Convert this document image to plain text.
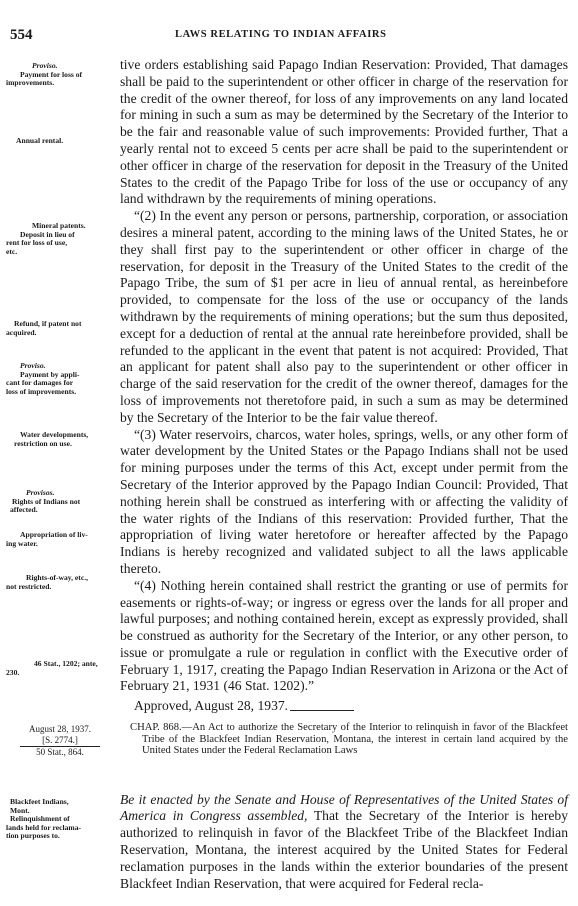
554	LAWS RELATING TO INDIAN AFFAIRS
Proviso.
Payment for loss of
improvements.
Annual rental.
Mineral patents.
Deposit in lieu of
rent for loss of use,
etc.
Refund, if patent not
acquired.
Proviso.
Payment by appli-
cant for damages for
loss of improvements.
Water developments,
restriction on use.
Provisos.
Rights of Indians not
affected.
Appropriation of liv-
ing water.
Rights-of-way, etc.,
not restricted.
46 Stat., 1202; ante,
230.

tive orders establishing said Papago Indian Reservation: Provided, That damages shall be paid to the superintendent or other officer in charge of the reservation for the credit of the owner thereof, for loss of any improvements on any land located for mining in such a sum as may be determined by the Secretary of the Interior to be the fair and reasonable value of such improvements: Provided further, That a yearly rental not to exceed 5 cents per acre shall be paid to the superintendent or other officer in charge of the reservation for deposit in the Treasury of the United States to the credit of the Papago Tribe for loss of the use or occupancy of any land withdrawn by the requirements of mining operations.

“(2) In the event any person or persons, partnership, corporation, or association desires a mineral patent, according to the mining laws of the United States, he or they shall first pay to the superintendent or other officer in charge of the reservation, for deposit in the Treasury of the United States to the credit of the Papago Tribe, the sum of $1 per acre in lieu of annual rental, as hereinbefore provided, to compensate for the loss of the use or occupancy of the lands withdrawn by the requirements of mining operations; but the sum thus deposited, except for a deduction of rental at the annual rate hereinbefore provided, shall be refunded to the applicant in the event that patent is not acquired: Provided, That an applicant for patent shall also pay to the superintendent or other officer in charge of the said reservation for the credit of the owner thereof, damages for the loss of improvements not theretofore paid, in such a sum as may be determined by the Secretary of the Interior to be the fair value thereof.

“(3) Water reservoirs, charcos, water holes, springs, wells, or any other form of water development by the United States or the Papago Indians shall not be used for mining purposes under the terms of this Act, except under permit from the Secretary of the Interior approved by the Papago Indian Council: Provided, That nothing herein shall be construed as interfering with or affecting the validity of the water rights of the Indians of this reservation: Provided further, That the appropriation of living water heretofore or hereafter affected by the Papago Indians is hereby recognized and validated subject to all the laws applicable thereto.

“(4) Nothing herein contained shall restrict the granting or use of permits for easements or rights-of-way; or ingress or egress over the lands for all proper and lawful purposes; and nothing contained herein, except as expressly provided, shall be construed as authority for the Secretary of the Interior, or any other person, to issue or promulgate a rule or regulation in conflict with the Executive order of February 1, 1917, creating the Papago Indian Reservation in Arizona or the Act of February 21, 1931 (46 Stat. 1202).”

Approved, August 28, 1937.

August 28, 1937.
[S. 2774.]
50 Stat., 864.
CHAP. 868.—An Act to authorize the Secretary of the Interior to relinquish in favor of the Blackfeet Tribe of the Blackfeet Indian Reservation, Montana, the interest in certain land acquired by the United States under the Federal Reclamation Laws
Blackfeet Indians,
Mont.
Relinquishment of
lands held for reclama-
tion purposes to.

Be it enacted by the Senate and House of Representatives of the United States of America in Congress assembled, That the Secretary of the Interior is hereby authorized to relinquish in favor of the Blackfeet Tribe of the Blackfeet Indian Reservation, Montana, the interest acquired by the United States for Federal reclamation purposes in the lands within the exterior boundaries of the present Blackfeet Indian Reservation, that were acquired for Federal recla-
